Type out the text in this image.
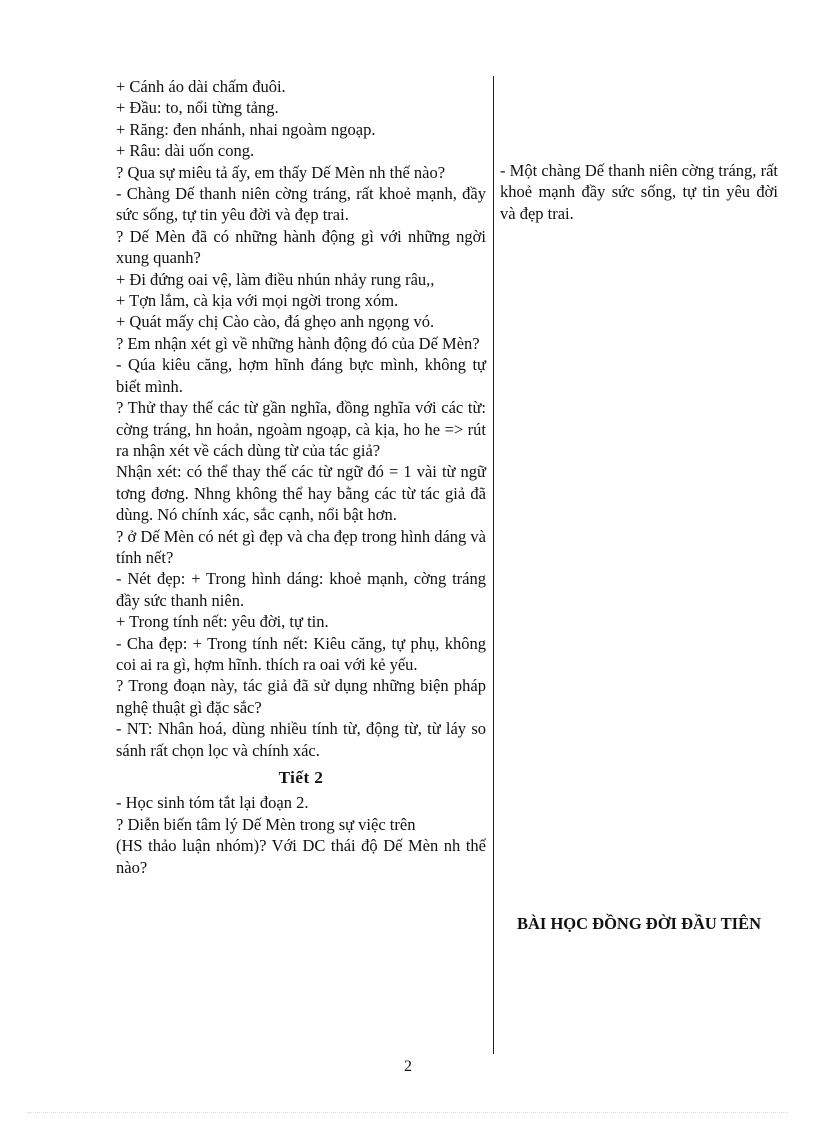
+ Cánh áo dài chấm đuôi.
+ Đầu: to, nổi từng tảng.
+ Răng: đen nhánh, nhai ngoàm ngoạp.
+ Râu: dài uốn cong.
? Qua sự miêu tả ấy, em thấy Dế Mèn nh thế nào?
- Chàng Dế thanh niên cờng tráng, rất khoẻ mạnh, đầy sức sống, tự tin yêu đời và đẹp trai.
? Dế Mèn đã có những hành động gì với những ngời xung quanh?
+ Đi đứng oai vệ, làm điều nhún nhảy rung râu,,
+ Tợn lắm, cà kịa với mọi ngời trong xóm.
+ Quát mấy chị Cào cào, đá ghẹo anh ngọng vó.
? Em nhận xét gì về những hành động đó của Dế Mèn?
- Qúa kiêu căng, hợm hĩnh đáng bực mình, không tự biết mình.
? Thử thay thế các từ gần nghĩa, đồng nghĩa với các từ: cờng tráng, hn hoản, ngoàm ngoạp, cà kịa, ho he => rút ra nhận xét về cách dùng từ của tác giả?
Nhận xét: có thể thay thế các từ ngữ đó = 1 vài từ ngữ tơng đơng. Nhng không thể hay bằng các từ tác giả đã dùng. Nó chính xác, sắc cạnh, nổi bật hơn.
? ở Dế Mèn có nét gì đẹp và cha đẹp trong hình dáng và tính nết?
- Nét đẹp: + Trong hình dáng: khoẻ mạnh, cờng tráng đầy sức thanh niên.
+ Trong tính nết: yêu đời, tự tin.
- Cha đẹp: + Trong tính nết: Kiêu căng, tự phụ, không coi ai ra gì, hợm hĩnh. thích ra oai với kẻ yếu.
? Trong đoạn này, tác giả đã sử dụng những biện pháp nghệ thuật gì đặc sắc?
- NT: Nhân hoá, dùng nhiều tính từ, động từ, từ láy so sánh rất chọn lọc và chính xác.
Tiết 2
- Học sinh tóm tắt lại đoạn 2.
? Diễn biến tâm lý Dế Mèn trong sự việc trên
(HS thảo luận nhóm)? Với DC thái độ Dế Mèn nh thế nào?
- Một chàng Dế thanh niên cờng tráng, rất khoẻ mạnh đầy sức sống, tự tin yêu đời và đẹp trai.
BÀI HỌC ĐỒNG ĐỜI ĐẦU TIÊN
2
